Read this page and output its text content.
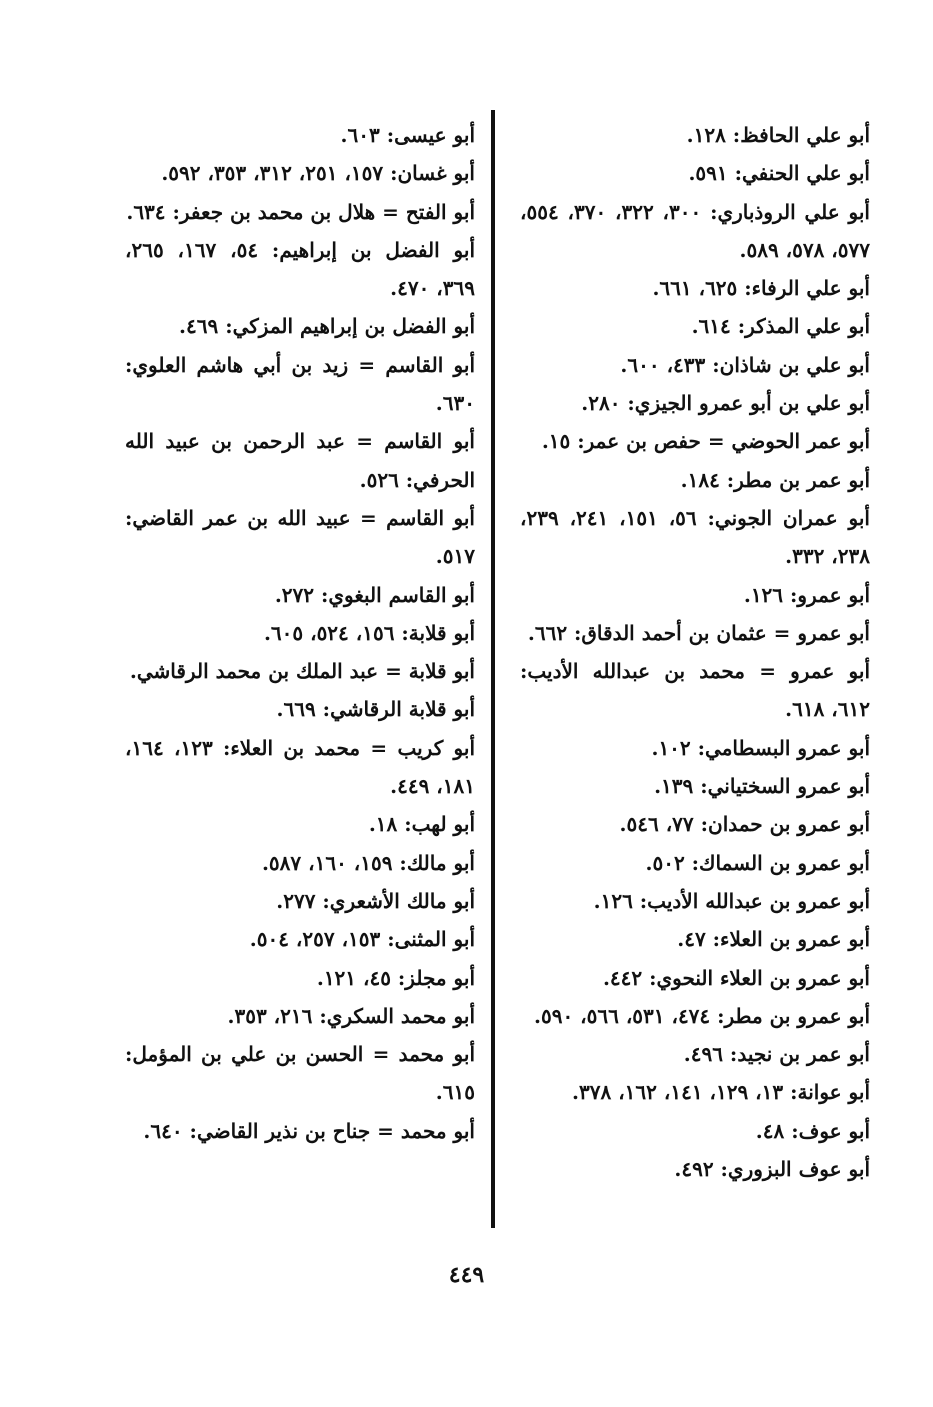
أبو علي الحافظ: ١٢٨.

أبو علي الحنفي: ٥٩١.

أبو علي الروذباري: ٣٠٠، ٣٢٢، ٣٧٠، ٥٥٤، ٥٧٧، ٥٧٨، ٥٨٩.

أبو علي الرفاء: ٦٢٥، ٦٦١.

أبو علي المذكر: ٦١٤.

أبو علي بن شاذان: ٤٣٣، ٦٠٠.

أبو علي بن أبو عمرو الجيزي: ٢٨٠.

أبو عمر الحوضي = حفص بن عمر: ١٥.

أبو عمر بن مطر: ١٨٤.

أبو عمران الجوني: ٥٦، ١٥١، ٢٤١، ٢٣٩، ٢٣٨، ٣٣٢.

أبو عمرو: ١٢٦.

أبو عمرو = عثمان بن أحمد الدقاق: ٦٦٢.

أبو عمرو = محمد بن عبدالله الأديب: ٦١٢، ٦١٨.

أبو عمرو البسطامي: ١٠٢.

أبو عمرو السختياني: ١٣٩.

أبو عمرو بن حمدان: ٧٧، ٥٤٦.

أبو عمرو بن السماك: ٥٠٢.

أبو عمرو بن عبدالله الأديب: ١٢٦.

أبو عمرو بن العلاء: ٤٧.

أبو عمرو بن العلاء النحوي: ٤٤٢.

أبو عمرو بن مطر: ٤٧٤، ٥٣١، ٥٦٦، ٥٩٠.

أبو عمر بن نجيد: ٤٩٦.

أبو عوانة: ١٣، ١٢٩، ١٤١، ١٦٢، ٣٧٨.

أبو عوف: ٤٨.

أبو عوف البزوري: ٤٩٢.

أبو عيسى: ٦٠٣.

أبو غسان: ١٥٧، ٢٥١، ٣١٢، ٣٥٣، ٥٩٢.

أبو الفتح = هلال بن محمد بن جعفر: ٦٣٤.

أبو الفضل بن إبراهيم: ٥٤، ١٦٧، ٢٦٥، ٣٦٩، ٤٧٠.

أبو الفضل بن إبراهيم المزكي: ٤٦٩.

أبو القاسم = زيد بن أبي هاشم العلوي: ٦٣٠.

أبو القاسم = عبد الرحمن بن عبيد الله الحرفي: ٥٢٦.

أبو القاسم = عبيد الله بن عمر القاضي: ٥١٧.

أبو القاسم البغوي: ٢٧٢.

أبو قلابة: ١٥٦، ٥٢٤، ٦٠٥.

أبو قلابة = عبد الملك بن محمد الرقاشي.

أبو قلابة الرقاشي: ٦٦٩.

أبو كريب = محمد بن العلاء: ١٢٣، ١٦٤، ١٨١، ٤٤٩.

أبو لهب: ١٨.

أبو مالك: ١٥٩، ١٦٠، ٥٨٧.

أبو مالك الأشعري: ٢٧٧.

أبو المثنى: ١٥٣، ٢٥٧، ٥٠٤.

أبو مجلز: ٤٥، ١٢١.

أبو محمد السكري: ٢١٦، ٣٥٣.

أبو محمد = الحسن بن علي بن المؤمل: ٦١٥.

أبو محمد = جناح بن نذير القاضي: ٦٤٠.

٤٤٩
